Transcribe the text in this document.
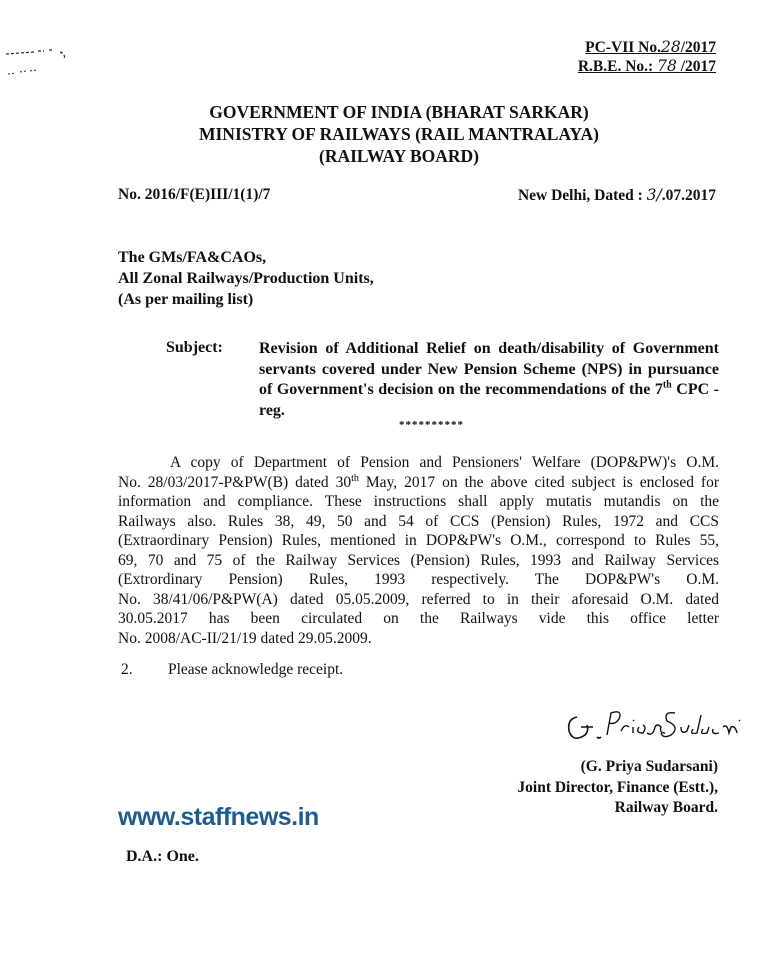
PC-VII No.28/2017
R.B.E. No.: 78 /2017
GOVERNMENT OF INDIA (BHARAT SARKAR)
MINISTRY OF RAILWAYS (RAIL MANTRALAYA)
(RAILWAY BOARD)
No. 2016/F(E)III/1(1)/7	New Delhi, Dated : 3/.07.2017
The GMs/FA&CAOs,
All Zonal Railways/Production Units,
(As per mailing list)
Subject: Revision of Additional Relief on death/disability of Government servants covered under New Pension Scheme (NPS) in pursuance of Government's decision on the recommendations of the 7th CPC - reg.
**********
A copy of Department of Pension and Pensioners' Welfare (DOP&PW)'s O.M.
No. 28/03/2017-P&PW(B) dated 30th May, 2017 on the above cited subject is enclosed for
information and compliance. These instructions shall apply mutatis mutandis on the
Railways also. Rules 38, 49, 50 and 54 of CCS (Pension) Rules, 1972 and CCS
(Extraordinary Pension) Rules, mentioned in DOP&PW's O.M., correspond to Rules 55,
69, 70 and 75 of the Railway Services (Pension) Rules, 1993 and Railway Services
(Extrordinary Pension) Rules, 1993 respectively. The DOP&PW's O.M.
No. 38/41/06/P&PW(A) dated 05.05.2009, referred to in their aforesaid O.M. dated
30.05.2017 has been circulated on the Railways vide this office letter
No. 2008/AC-II/21/19 dated 29.05.2009.
2. Please acknowledge receipt.
(G. Priya Sudarsani)
Joint Director, Finance (Estt.),
Railway Board.
www.staffnews.in
D.A.: One.
